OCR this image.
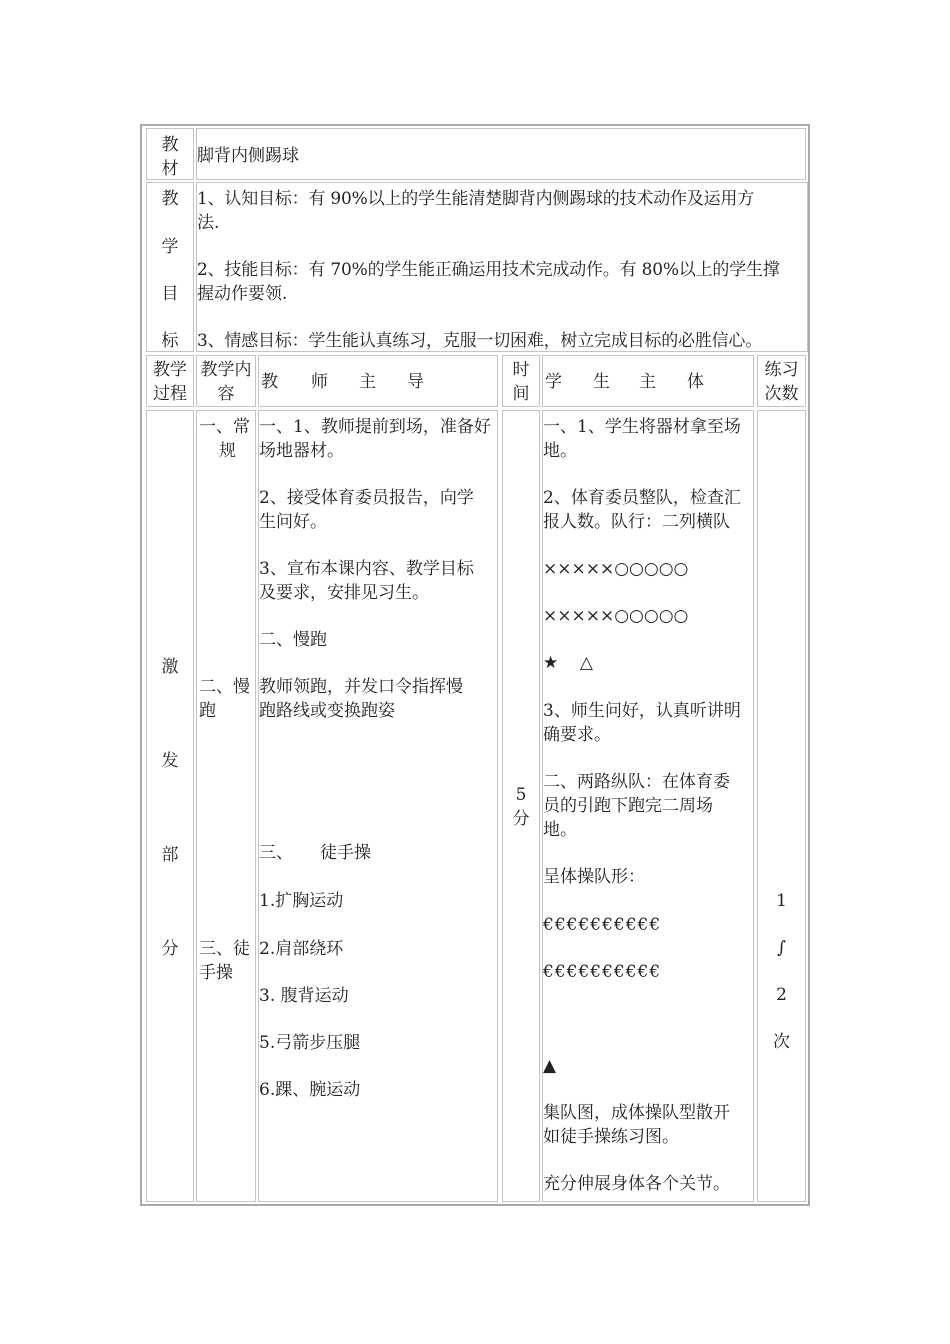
教
材
脚背内侧踢球
教
学
目
标
1、认知目标：有 90%以上的学生能清楚脚背内侧踢球的技术动作及运用方
法.
2、技能目标：有 70%的学生能正确运用技术完成动作。有 80%以上的学生撑
握动作要领.
3、情感目标：学生能认真练习，克服一切困难，树立完成目标的必胜信心。
教学
过程
教学内
容
教 师 主 导
时
间
学 生 主 体
练习
次数
激
发
部
分
一、常
规
二、慢
跑
三、徒
手操
一、1、教师提前到场，准备好
场地器材。
2、接受体育委员报告，向学
生问好。
3、宣布本课内容、教学目标
及要求，安排见习生。
二、慢跑
教师领跑，并发口令指挥慢
跑路线或变换跑姿
三、     徒手操
1.扩胸运动
2.肩部绕环
3. 腹背运动
5.弓箭步压腿
6.踝、腕运动
5
分
一、1、学生将器材拿至场
地。
2、体育委员整队，检查汇
报人数。队行：二列横队
×××××○○○○○
×××××○○○○○
★    △
3、师生问好，认真听讲明
确要求。
二、两路纵队：在体育委
员的引跑下跑完二周场
地。
呈体操队形：
€€€€€€€€€€
€€€€€€€€€€
▲
集队图，成体操队型散开
如徒手操练习图。
充分伸展身体各个关节。
1
∫
2
次
